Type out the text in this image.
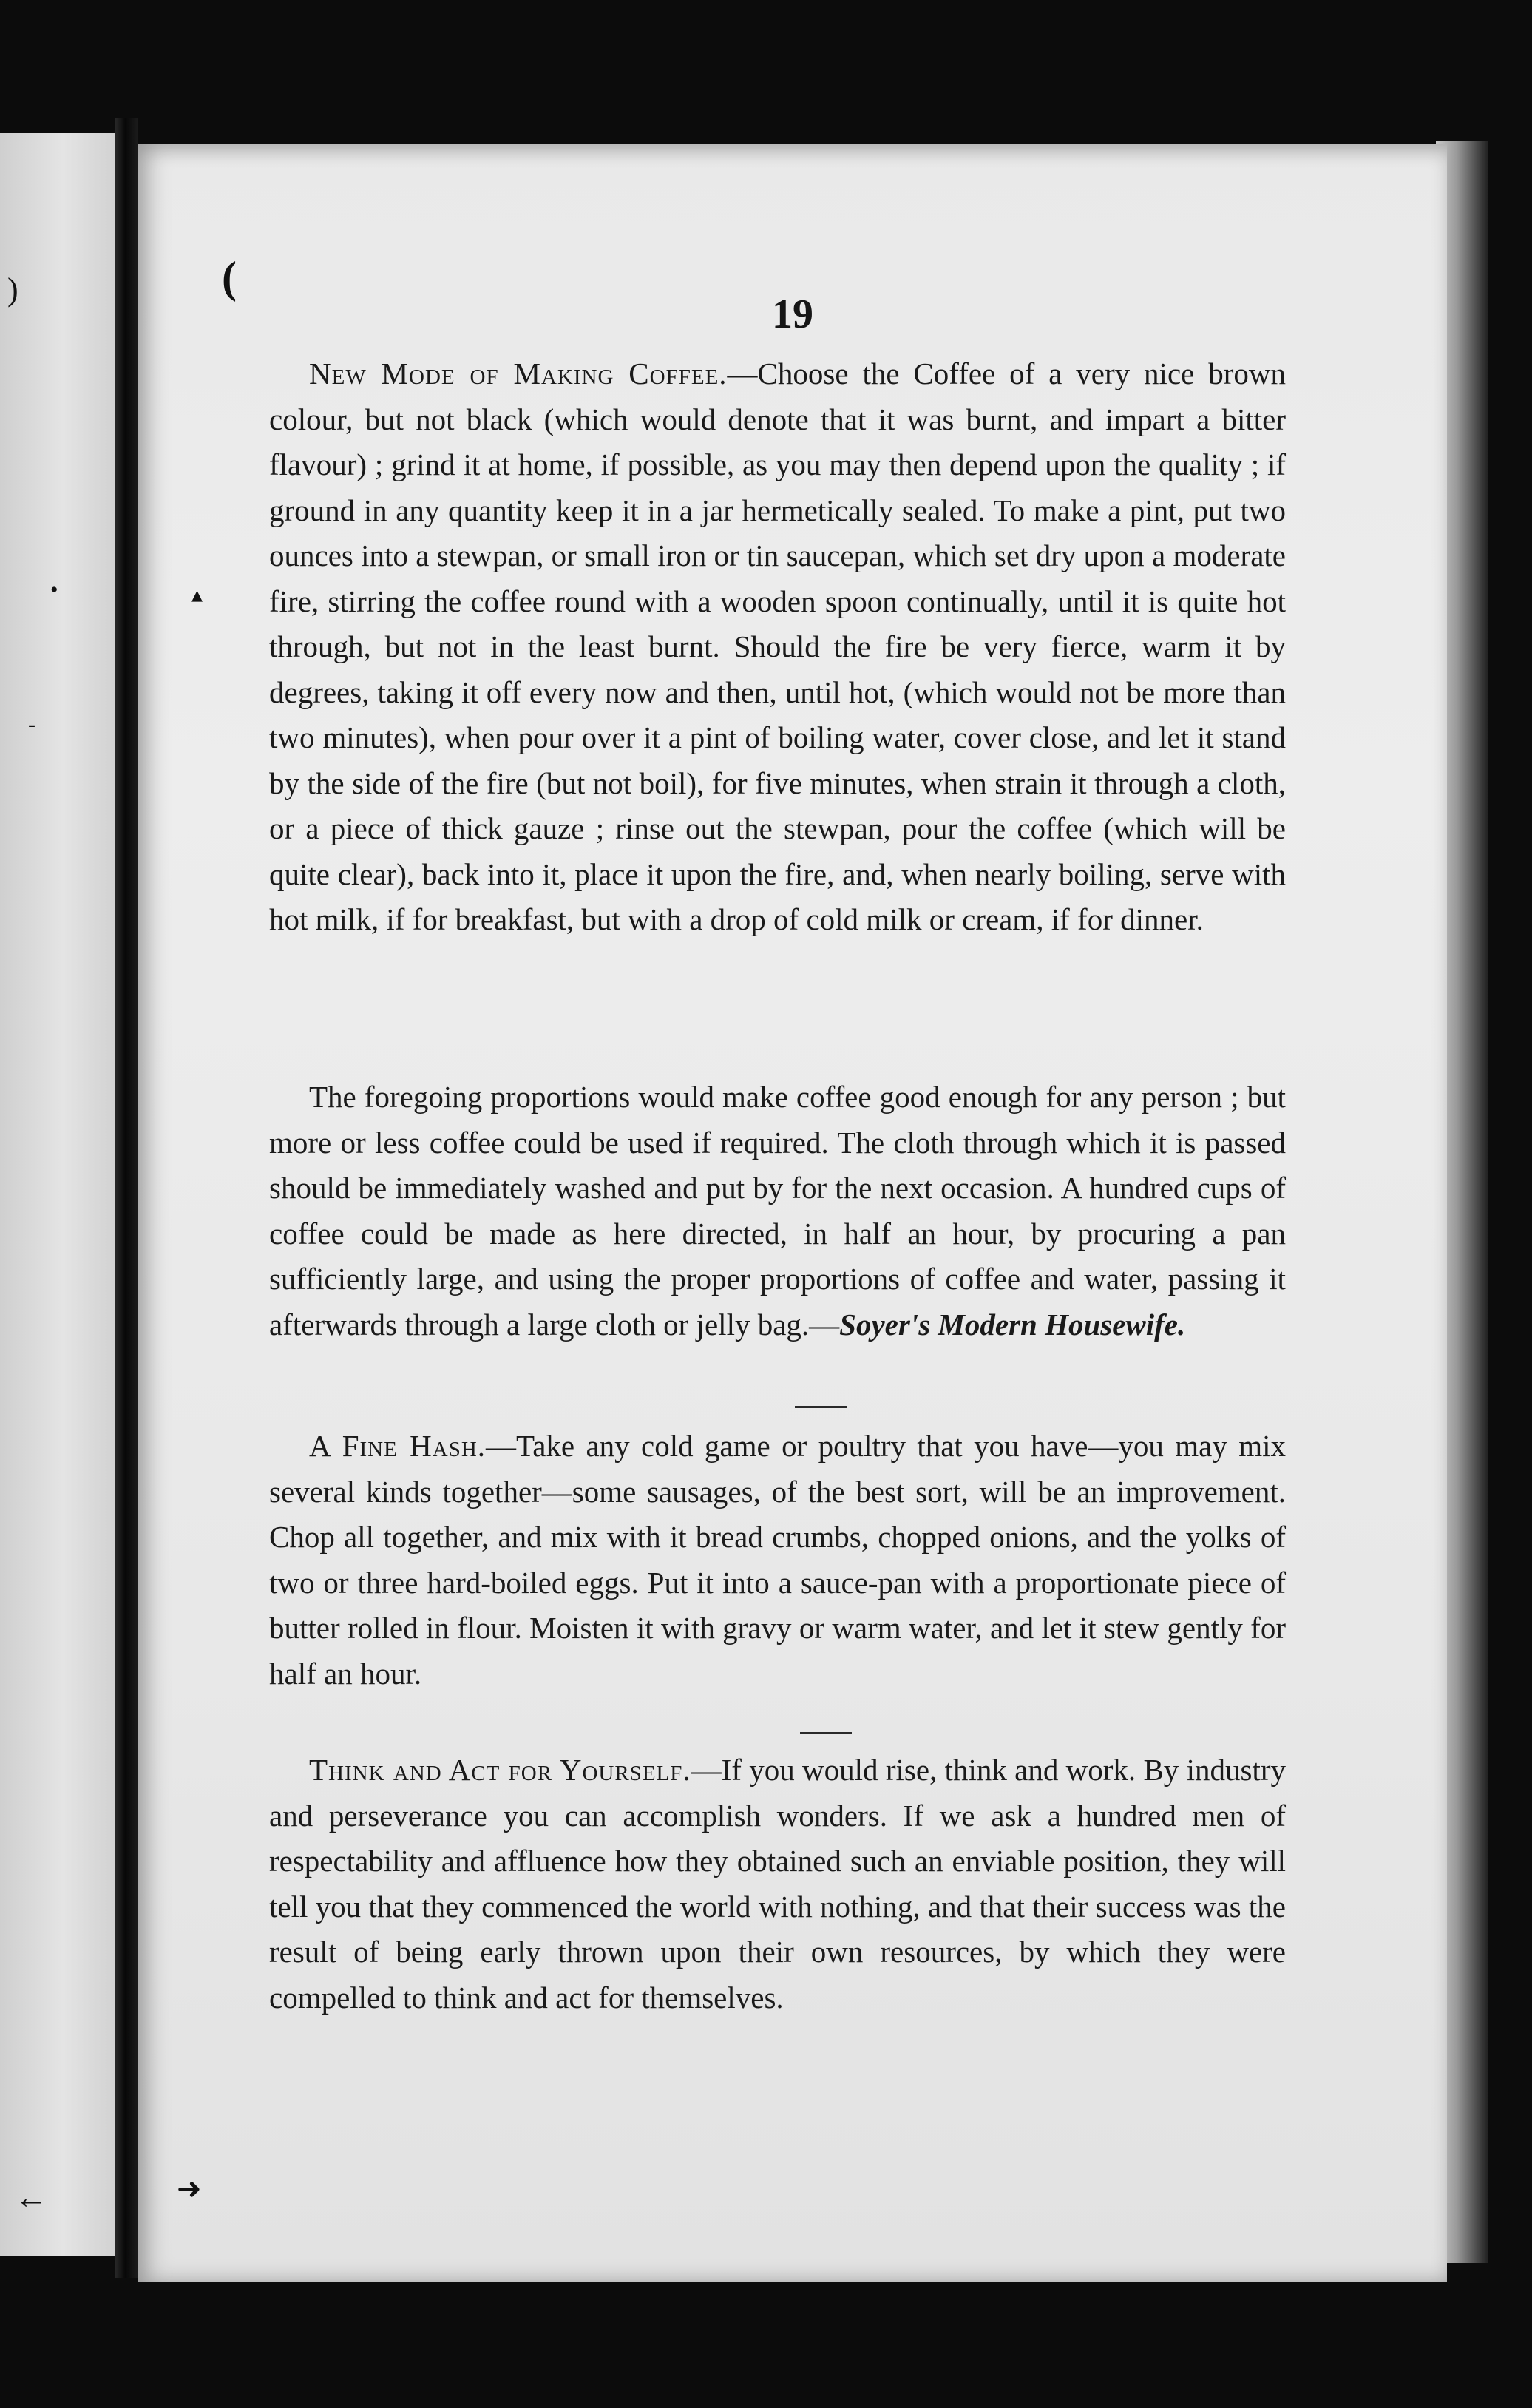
)
•
-
←
(
▴
➜
19

New Mode of Making Coffee.—Choose the Coffee of a very nice brown colour, but not black (which would denote that it was burnt, and impart a bitter flavour) ; grind it at home, if possible, as you may then depend upon the quality ; if ground in any quantity keep it in a jar hermetically sealed. To make a pint, put two ounces into a stewpan, or small iron or tin saucepan, which set dry upon a moderate fire, stirring the coffee round with a wooden spoon continually, until it is quite hot through, but not in the least burnt. Should the fire be very fierce, warm it by degrees, taking it off every now and then, until hot, (which would not be more than two minutes), when pour over it a pint of boiling water, cover close, and let it stand by the side of the fire (but not boil), for five minutes, when strain it through a cloth, or a piece of thick gauze ; rinse out the stewpan, pour the coffee (which will be quite clear), back into it, place it upon the fire, and, when nearly boiling, serve with hot milk, if for breakfast, but with a drop of cold milk or cream, if for dinner.

The foregoing proportions would make coffee good enough for any person ; but more or less coffee could be used if required. The cloth through which it is passed should be immediately washed and put by for the next occasion. A hundred cups of coffee could be made as here directed, in half an hour, by procuring a pan sufficiently large, and using the proper proportions of coffee and water, passing it afterwards through a large cloth or jelly bag.—Soyer's Modern Housewife.

A Fine Hash.—Take any cold game or poultry that you have—you may mix several kinds together—some sausages, of the best sort, will be an improvement. Chop all together, and mix with it bread crumbs, chopped onions, and the yolks of two or three hard-boiled eggs. Put it into a sauce-pan with a proportionate piece of butter rolled in flour. Moisten it with gravy or warm water, and let it stew gently for half an hour.

Think and Act for Yourself.—If you would rise, think and work. By industry and perseverance you can accomplish wonders. If we ask a hundred men of respectability and affluence how they obtained such an enviable position, they will tell you that they commenced the world with nothing, and that their success was the result of being early thrown upon their own resources, by which they were compelled to think and act for themselves.
